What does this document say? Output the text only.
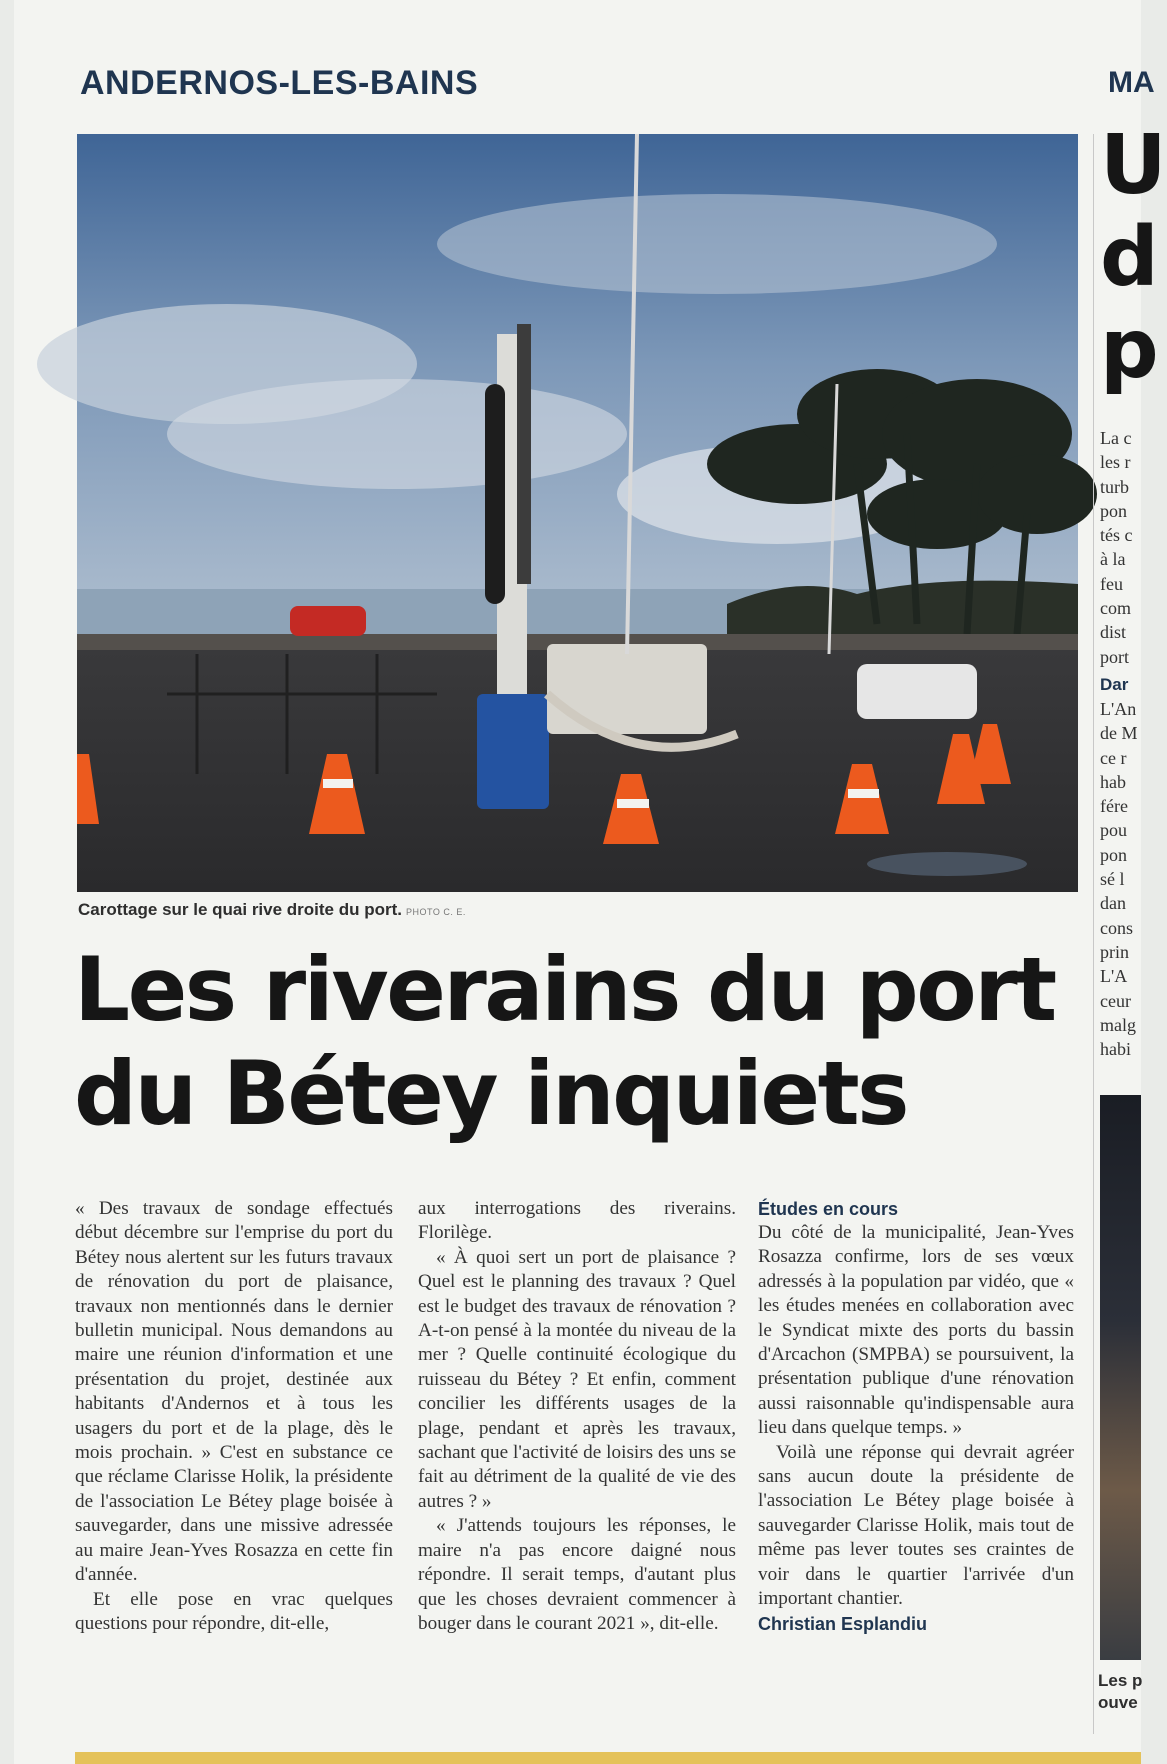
ANDERNOS-LES-BAINS	MA
Carottage sur le quai rive droite du port. PHOTO C. E.
Les riverains du port du Bétey inquiets

« Des travaux de sondage effectués début décembre sur l'emprise du port du Bétey nous alertent sur les futurs travaux de rénovation du port de plaisance, travaux non mentionnés dans le dernier bulletin municipal. Nous demandons au maire une réunion d'information et une présentation du projet, destinée aux habitants d'Andernos et à tous les usagers du port et de la plage, dès le mois prochain. » C'est en substance ce que réclame Clarisse Holik, la présidente de l'association Le Bétey plage boisée à sauvegarder, dans une missive adressée au maire Jean-Yves Rosazza en cette fin d'année.

Et elle pose en vrac quelques questions pour répondre, dit-elle,

aux interrogations des riverains. Florilège.

« À quoi sert un port de plaisance ? Quel est le planning des travaux ? Quel est le budget des travaux de rénovation ? A-t-on pensé à la montée du niveau de la mer ? Quelle continuité écologique du ruisseau du Bétey ? Et enfin, comment concilier les différents usages de la plage, pendant et après les travaux, sachant que l'activité de loisirs des uns se fait au détriment de la qualité de vie des autres ? »

« J'attends toujours les réponses, le maire n'a pas encore daigné nous répondre. Il serait temps, d'autant plus que les choses devraient commencer à bouger dans le courant 2021 », dit-elle.

Études en cours

Du côté de la municipalité, Jean-Yves Rosazza confirme, lors de ses vœux adressés à la population par vidéo, que « les études menées en collaboration avec le Syndicat mixte des ports du bassin d'Arcachon (SMPBA) se poursuivent, la présentation publique d'une rénovation aussi raisonnable qu'indispensable aura lieu dans quelque temps. »

Voilà une réponse qui devrait agréer sans aucun doute la présidente de l'association Le Bétey plage boisée à sauvegarder Clarisse Holik, mais tout de même pas lever toutes ses craintes de voir dans le quartier l'arrivée d'un important chantier.

Christian Esplandiu

U
d
p
La c
les r
turb
pon
tés c
à la
feu
com
dist
port
Dar
L'An
de M
ce r
hab
fére
pou
pon
sé l
dan
cons
prin
L'A
ceur
malg
habi
Les p
ouve
